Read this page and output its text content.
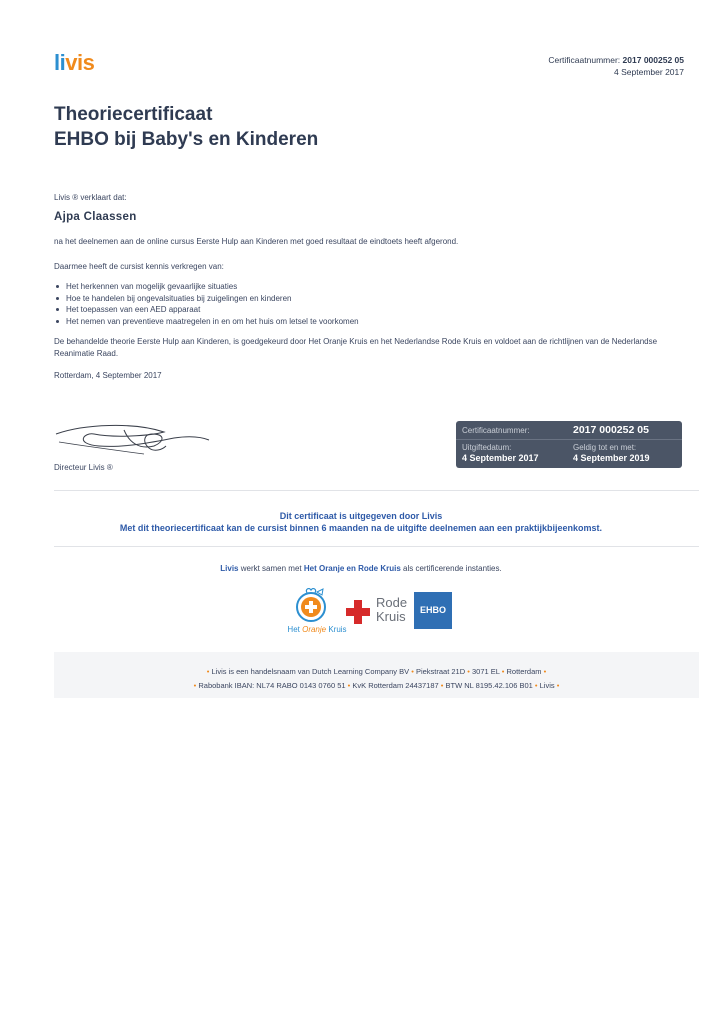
livis	Certificaatnummer: 2017 000252 05
4 September 2017
Theoriecertificaat
EHBO bij Baby's en Kinderen
Livis ® verklaart dat:
Ajpa Claassen
na het deelnemen aan de online cursus Eerste Hulp aan Kinderen met goed resultaat de eindtoets heeft afgerond.
Daarmee heeft de cursist kennis verkregen van:
Het herkennen van mogelijk gevaarlijke situaties
Hoe te handelen bij ongevalsituaties bij zuigelingen en kinderen
Het toepassen van een AED apparaat
Het nemen van preventieve maatregelen in en om het huis om letsel te voorkomen
De behandelde theorie Eerste Hulp aan Kinderen, is goedgekeurd door Het Oranje Kruis en het Nederlandse Rode Kruis en voldoet aan de richtlijnen van de Nederlandse Reanimatie Raad.
Rotterdam, 4 September 2017
Directeur Livis ®
Certificaatnummer:	2017 000252 05
Uitgiftedatum:
4 September 2017
Geldig tot en met:
4 September 2019
Dit certificaat is uitgegeven door Livis
Met dit theoriecertificaat kan de cursist binnen 6 maanden na de uitgifte deelnemen aan een praktijkbijeenkomst.
Livis werkt samen met Het Oranje en Rode Kruis als certificerende instanties.
Het Oranje Kruis
Rode
Kruis	EHBO
• Livis is een handelsnaam van Dutch Learning Company BV • Piekstraat 21D • 3071 EL • Rotterdam •
• Rabobank IBAN: NL74 RABO 0143 0760 51 • KvK Rotterdam 24437187 • BTW NL 8195.42.106 B01 • Livis •
